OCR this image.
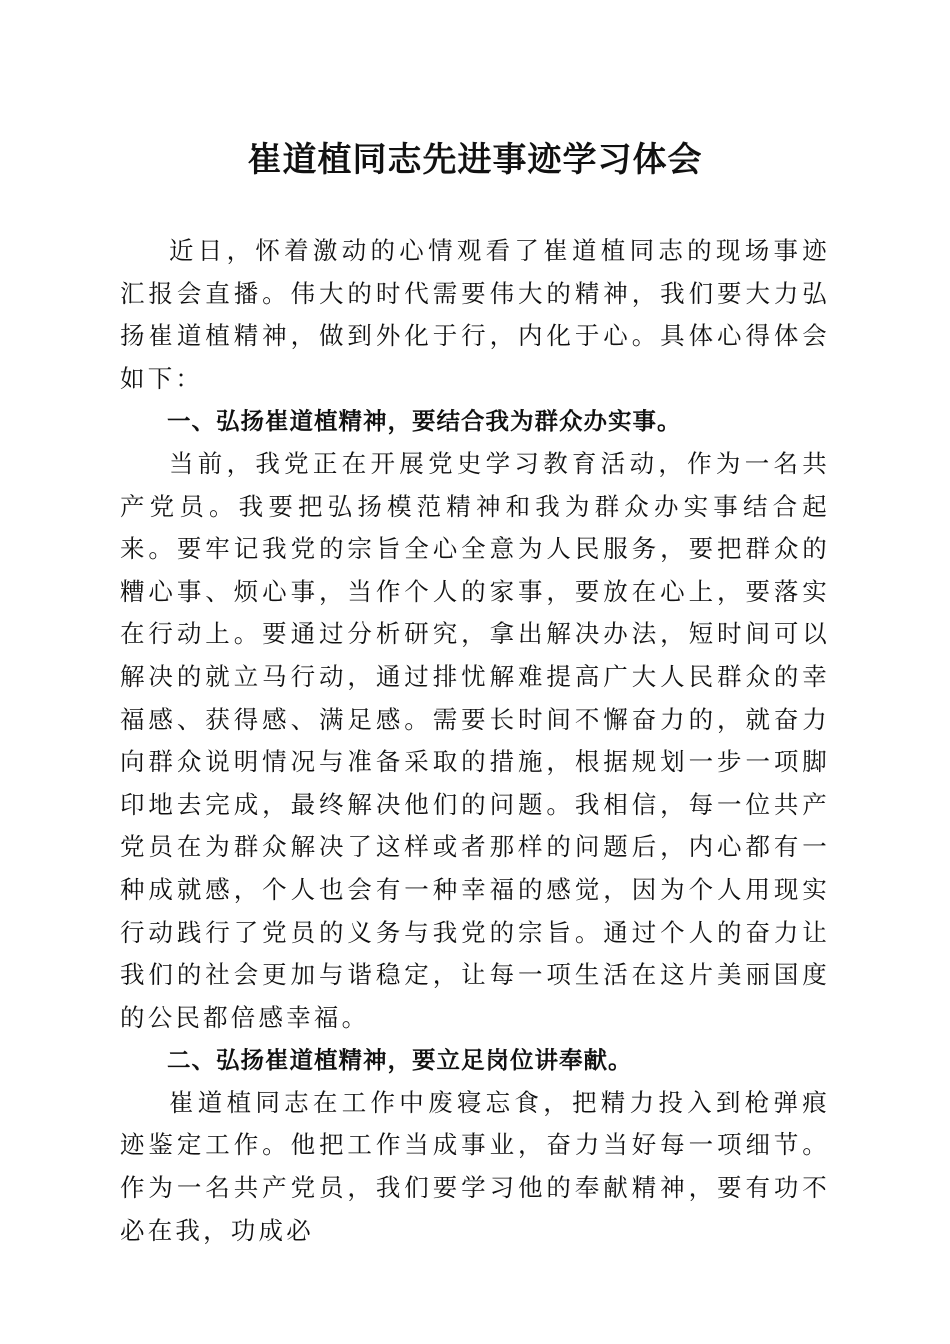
崔道植同志先进事迹学习体会

近日，怀着激动的心情观看了崔道植同志的现场事迹汇报会直播。伟大的时代需要伟大的精神，我们要大力弘扬崔道植精神，做到外化于行，内化于心。具体心得体会如下：

一、弘扬崔道植精神，要结合我为群众办实事。

当前，我党正在开展党史学习教育活动，作为一名共产党员。我要把弘扬模范精神和我为群众办实事结合起来。要牢记我党的宗旨全心全意为人民服务，要把群众的糟心事、烦心事，当作个人的家事，要放在心上，要落实在行动上。要通过分析研究，拿出解决办法，短时间可以解决的就立马行动，通过排忧解难提高广大人民群众的幸福感、获得感、满足感。需要长时间不懈奋力的，就奋力向群众说明情况与准备采取的措施，根据规划一步一项脚印地去完成，最终解决他们的问题。我相信，每一位共产党员在为群众解决了这样或者那样的问题后，内心都有一种成就感，个人也会有一种幸福的感觉，因为个人用现实行动践行了党员的义务与我党的宗旨。通过个人的奋力让我们的社会更加与谐稳定，让每一项生活在这片美丽国度的公民都倍感幸福。

二、弘扬崔道植精神，要立足岗位讲奉献。

崔道植同志在工作中废寝忘食，把精力投入到枪弹痕迹鉴定工作。他把工作当成事业，奋力当好每一项细节。作为一名共产党员，我们要学习他的奉献精神，要有功不必在我，功成必
